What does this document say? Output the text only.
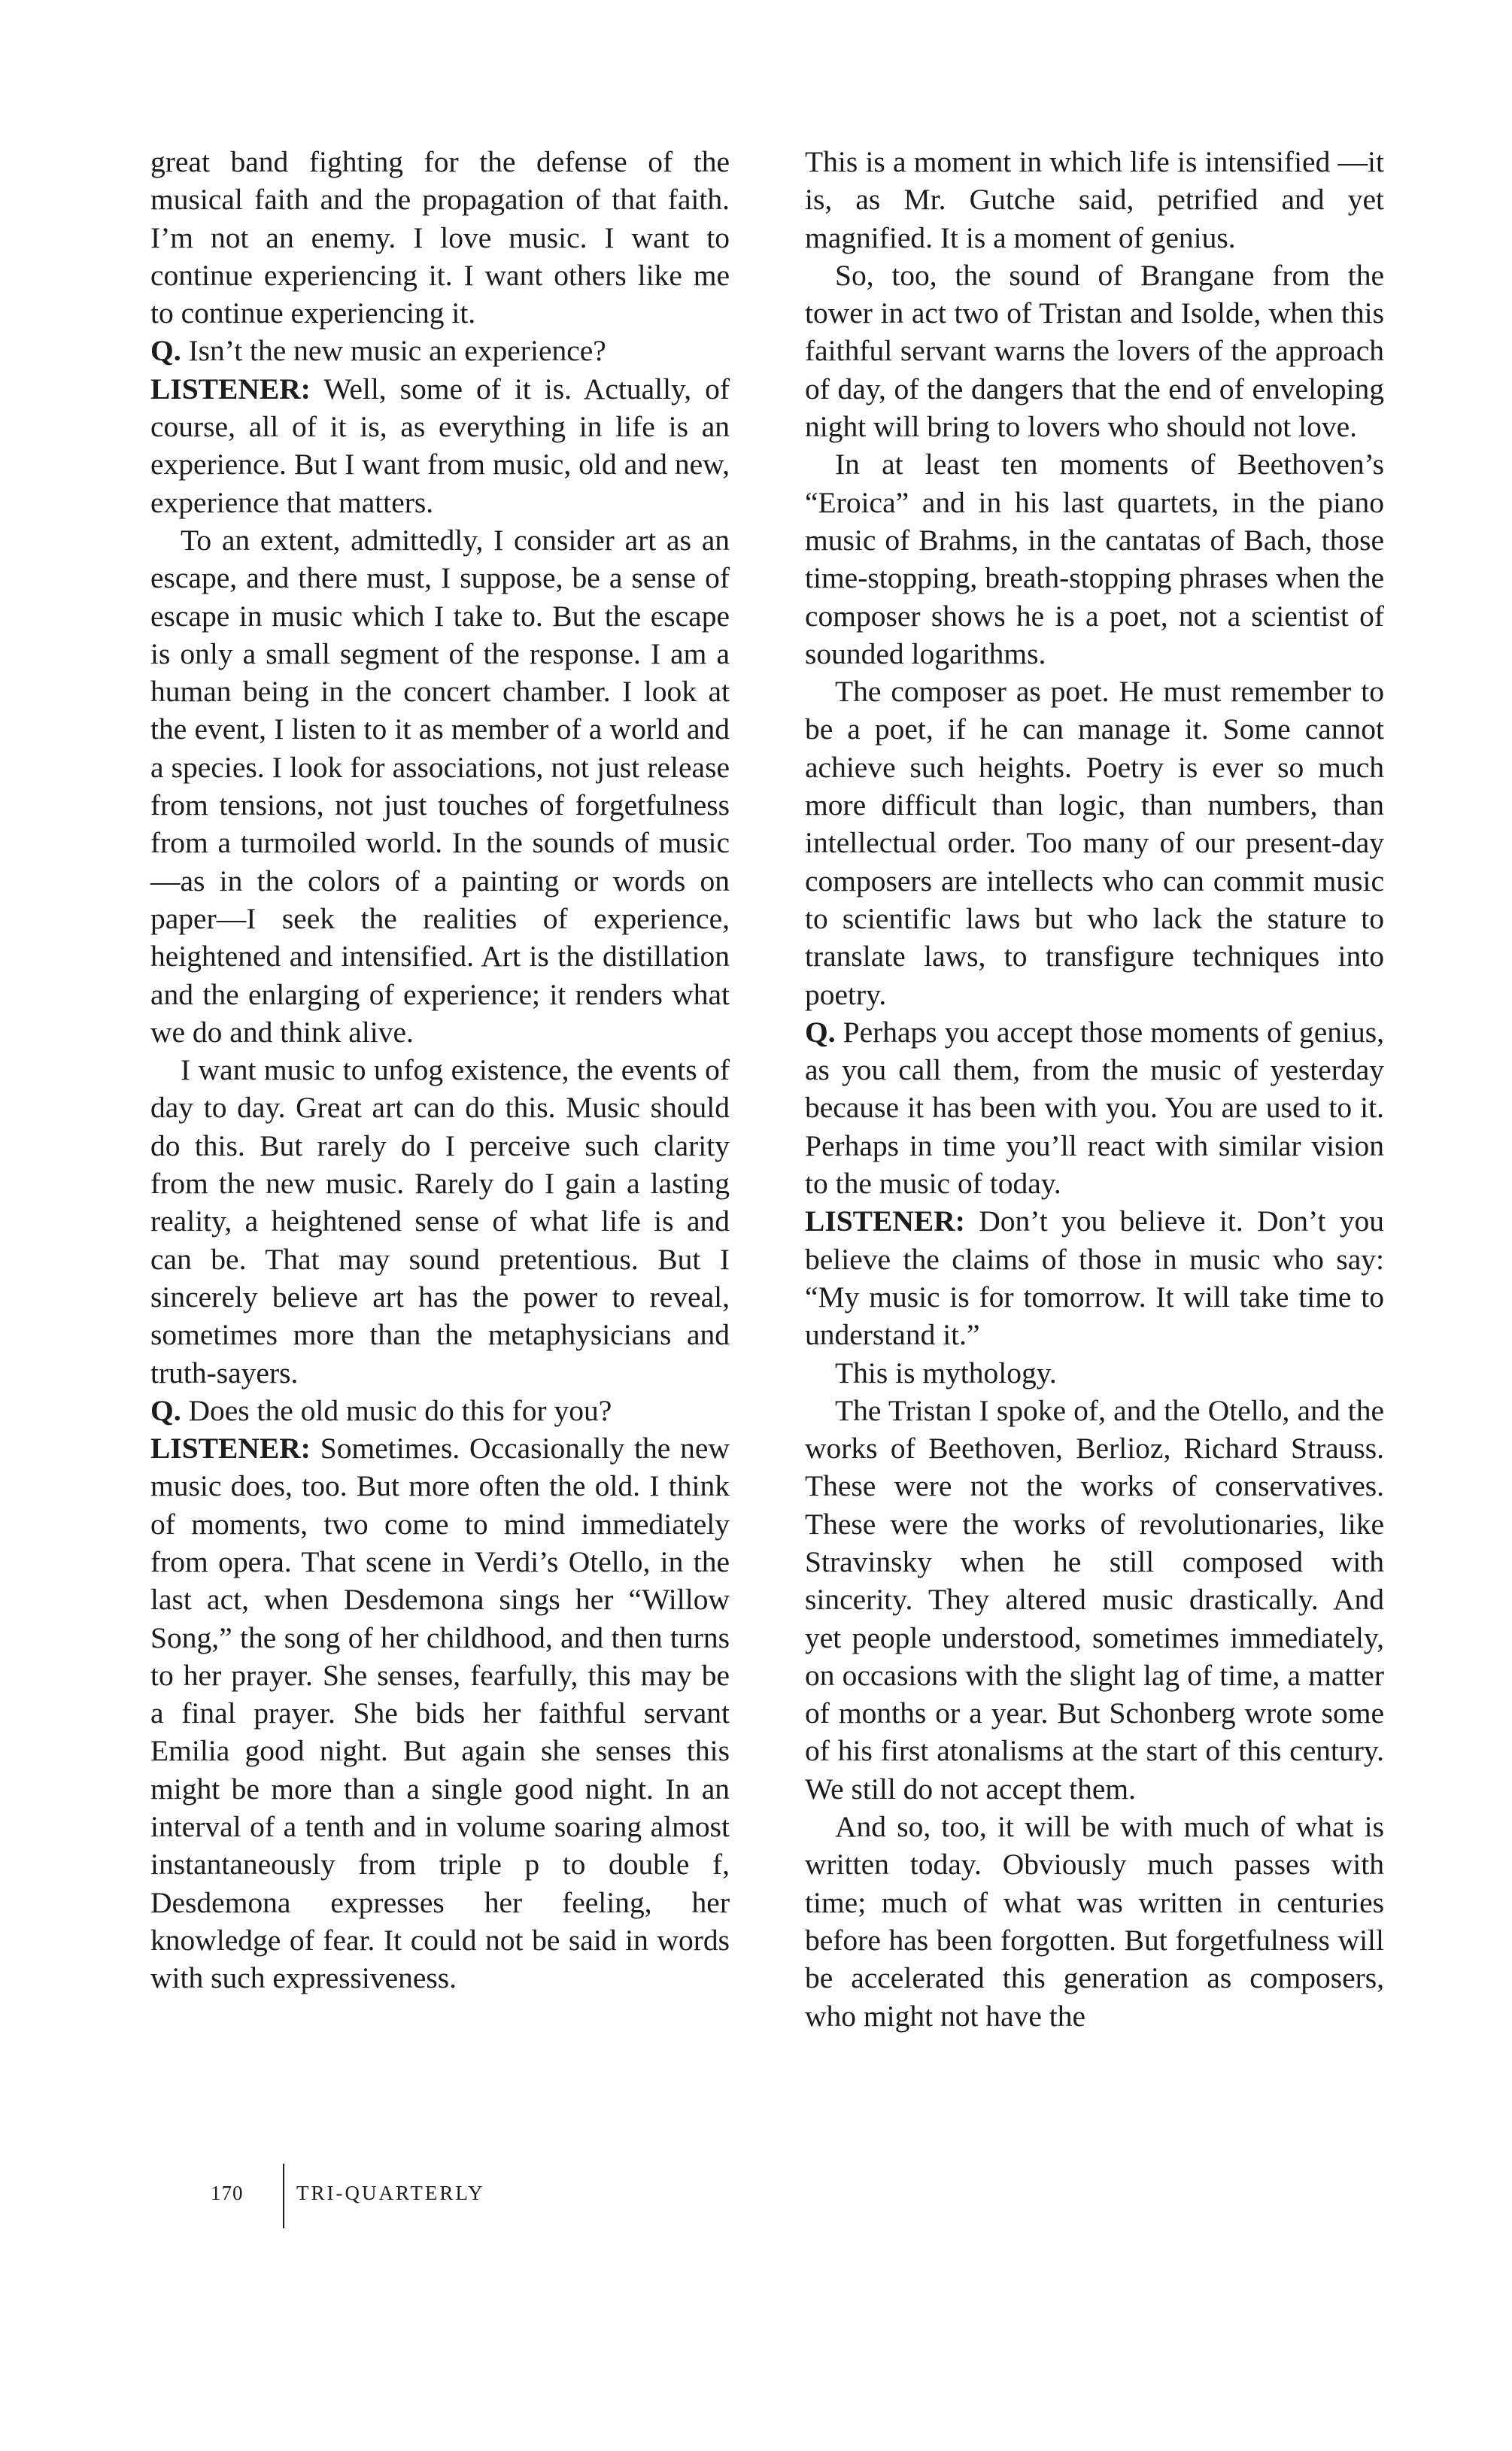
great band fighting for the defense of the musical faith and the propagation of that faith. I’m not an enemy. I love music. I want to continue experiencing it. I want others like me to continue experiencing it.

Q. Isn’t the new music an experience?

LISTENER: Well, some of it is. Actually, of course, all of it is, as everything in life is an experience. But I want from music, old and new, experience that matters.

To an extent, admittedly, I consider art as an escape, and there must, I suppose, be a sense of escape in music which I take to. But the escape is only a small segment of the response. I am a human being in the concert chamber. I look at the event, I listen to it as member of a world and a species. I look for associations, not just release from tensions, not just touches of forgetfulness from a turmoiled world. In the sounds of music—as in the colors of a painting or words on paper—I seek the realities of experience, heightened and intensified. Art is the distillation and the enlarging of experience; it renders what we do and think alive.

I want music to unfog existence, the events of day to day. Great art can do this. Music should do this. But rarely do I perceive such clarity from the new music. Rarely do I gain a lasting reality, a heightened sense of what life is and can be. That may sound pretentious. But I sincerely believe art has the power to reveal, sometimes more than the metaphysicians and truth-sayers.

Q. Does the old music do this for you?

LISTENER: Sometimes. Occasionally the new music does, too. But more often the old. I think of moments, two come to mind immediately from opera. That scene in Verdi’s Otello, in the last act, when Desdemona sings her “Willow Song,” the song of her childhood, and then turns to her prayer. She senses, fearfully, this may be a final prayer. She bids her faithful servant Emilia good night. But again she senses this might be more than a single good night. In an interval of a tenth and in volume soaring almost instantaneously from triple p to double f, Desdemona expresses her feeling, her knowledge of fear. It could not be said in words with such expressiveness.

This is a moment in which life is intensified —it is, as Mr. Gutche said, petrified and yet magnified. It is a moment of genius.

So, too, the sound of Brangane from the tower in act two of Tristan and Isolde, when this faithful servant warns the lovers of the approach of day, of the dangers that the end of enveloping night will bring to lovers who should not love.

In at least ten moments of Beethoven’s “Eroica” and in his last quartets, in the piano music of Brahms, in the cantatas of Bach, those time-stopping, breath-stopping phrases when the composer shows he is a poet, not a scientist of sounded logarithms.

The composer as poet. He must remember to be a poet, if he can manage it. Some cannot achieve such heights. Poetry is ever so much more difficult than logic, than numbers, than intellectual order. Too many of our present-day composers are intellects who can commit music to scientific laws but who lack the stature to translate laws, to transfigure techniques into poetry.

Q. Perhaps you accept those moments of genius, as you call them, from the music of yesterday because it has been with you. You are used to it. Perhaps in time you’ll react with similar vision to the music of today.

LISTENER: Don’t you believe it. Don’t you believe the claims of those in music who say: “My music is for tomorrow. It will take time to understand it.”

This is mythology.

The Tristan I spoke of, and the Otello, and the works of Beethoven, Berlioz, Richard Strauss. These were not the works of conservatives. These were the works of revolutionaries, like Stravinsky when he still composed with sincerity. They altered music drastically. And yet people understood, sometimes immediately, on occasions with the slight lag of time, a matter of months or a year. But Schonberg wrote some of his first atonalisms at the start of this century. We still do not accept them.

And so, too, it will be with much of what is written today. Obviously much passes with time; much of what was written in centuries before has been forgotten. But forgetfulness will be accelerated this generation as composers, who might not have the

170	TRI-QUARTERLY
